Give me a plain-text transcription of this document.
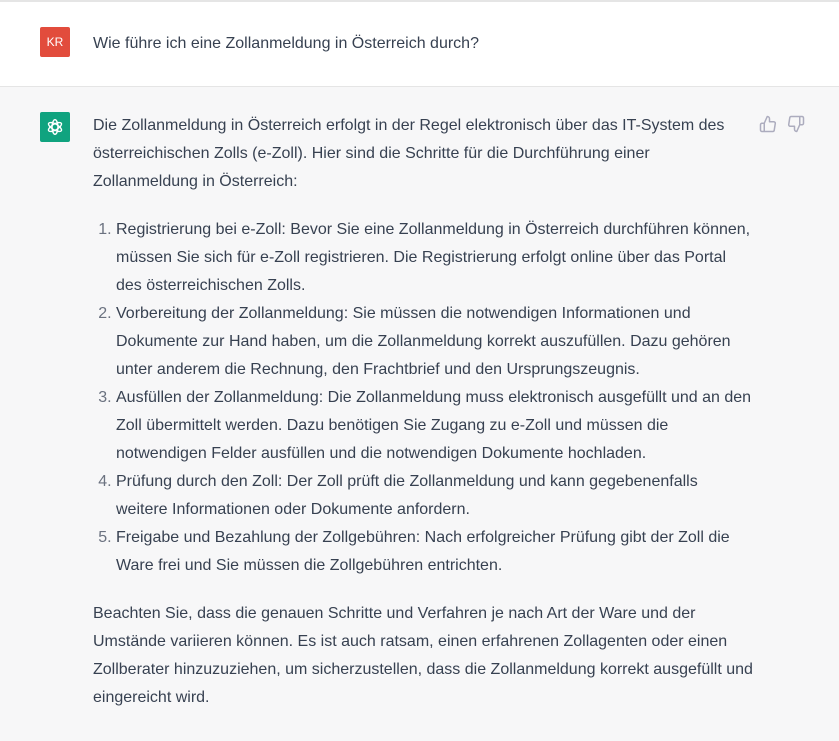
KR	Wie führe ich eine Zollanmeldung in Österreich durch?

Die Zollanmeldung in Österreich erfolgt in der Regel elektronisch über das IT-System des österreichischen Zolls (e-Zoll). Hier sind die Schritte für die Durchführung einer Zollanmeldung in Österreich:

1. Registrierung bei e-Zoll: Bevor Sie eine Zollanmeldung in Österreich durchführen können, müssen Sie sich für e-Zoll registrieren. Die Registrierung erfolgt online über das Portal des österreichischen Zolls.
2. Vorbereitung der Zollanmeldung: Sie müssen die notwendigen Informationen und Dokumente zur Hand haben, um die Zollanmeldung korrekt auszufüllen. Dazu gehören unter anderem die Rechnung, den Frachtbrief und den Ursprungszeugnis.
3. Ausfüllen der Zollanmeldung: Die Zollanmeldung muss elektronisch ausgefüllt und an den Zoll übermittelt werden. Dazu benötigen Sie Zugang zu e-Zoll und müssen die notwendigen Felder ausfüllen und die notwendigen Dokumente hochladen.
4. Prüfung durch den Zoll: Der Zoll prüft die Zollanmeldung und kann gegebenenfalls weitere Informationen oder Dokumente anfordern.
5. Freigabe und Bezahlung der Zollgebühren: Nach erfolgreicher Prüfung gibt der Zoll die Ware frei und Sie müssen die Zollgebühren entrichten.

Beachten Sie, dass die genauen Schritte und Verfahren je nach Art der Ware und der Umstände variieren können. Es ist auch ratsam, einen erfahrenen Zollagenten oder einen Zollberater hinzuzuziehen, um sicherzustellen, dass die Zollanmeldung korrekt ausgefüllt und eingereicht wird.
